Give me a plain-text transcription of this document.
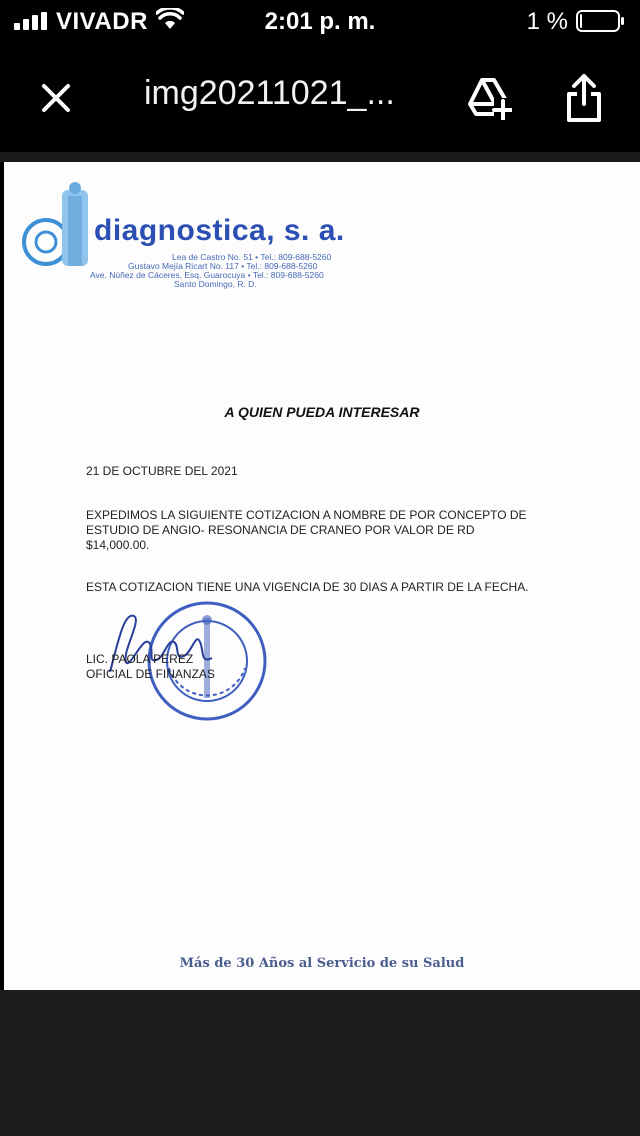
VIVADR	2:01 p. m.	1 %
img20211021_...
diagnostica, s. a.
Lea de Castro No. 51 • Tel.: 809-688-5260
Gustavo Mejía Ricart No. 117 • Tel.: 809-688-5260
Ave. Núñez de Cáceres, Esq. Guarocuya • Tel.: 809-688-5260
Santo Domingo, R. D.
A QUIEN PUEDA INTERESAR
21 DE OCTUBRE DEL 2021
EXPEDIMOS LA SIGUIENTE COTIZACION A NOMBRE DE POR CONCEPTO DE ESTUDIO DE ANGIO- RESONANCIA DE CRANEO POR VALOR DE RD $14,000.00.
ESTA COTIZACION TIENE UNA VIGENCIA DE 30 DIAS A PARTIR DE LA FECHA.
LIC. PAOLA PEREZ
OFICIAL DE FINANZAS
Más de 30 Años al Servicio de su Salud
